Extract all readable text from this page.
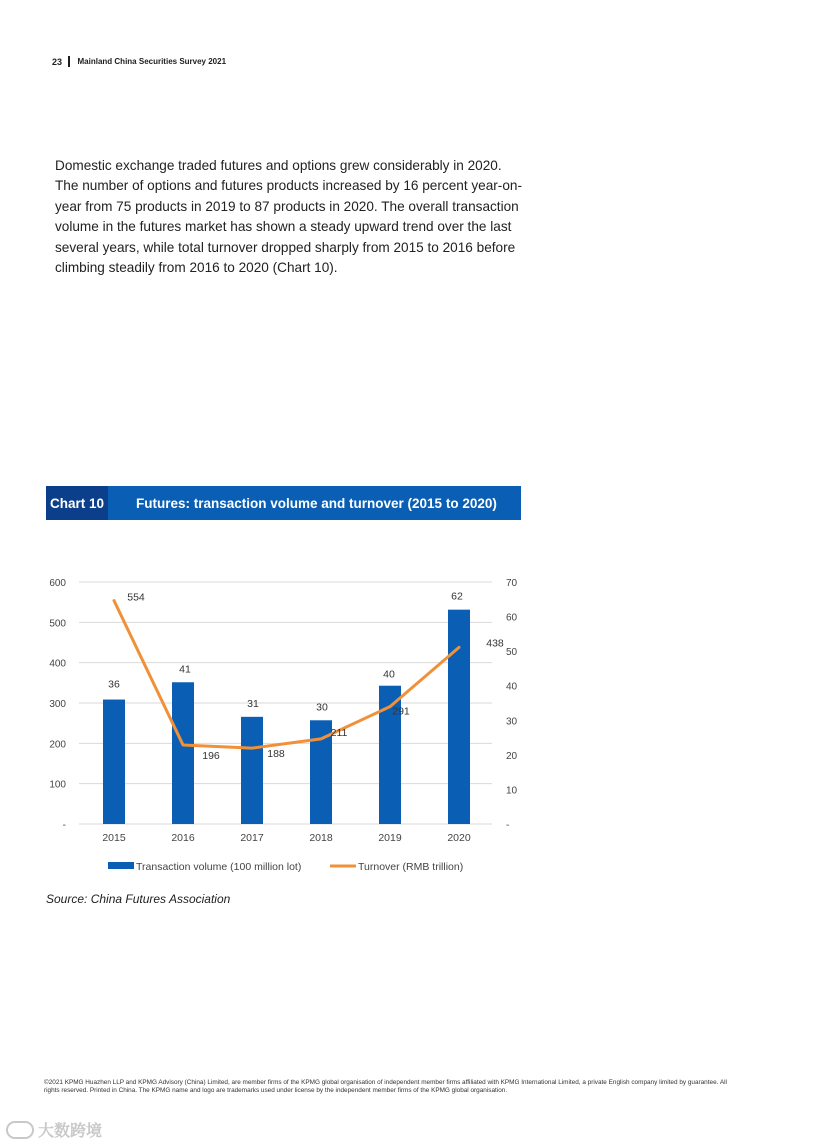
23 Mainland China Securities Survey 2021

Domestic exchange traded futures and options grew considerably in 2020. The number of options and futures products increased by 16 percent year-on-year from 75 products in 2019 to 87 products in 2020. The overall transaction volume in the futures market has shown a steady upward trend over the last several years, while total turnover dropped sharply from 2015 to 2016 before climbing steadily from 2016 to 2020 (Chart 10).

Chart 10 Futures: transaction volume and turnover (2015 to 2020)
-
100
200
300
400
500
600
-
10
20
30
40
50
60
70
2015	2016	2017	2018	2019	2020
36
41
31	30
40
62
554
196	188
211
291
438
Transaction volume (100 million lot)	Turnover (RMB trillion)
Source: China Futures Association
©2021 KPMG Huazhen LLP and KPMG Advisory (China) Limited, are member firms of the KPMG global organisation of independent member firms affiliated with KPMG International Limited, a private English company limited by guarantee. All rights reserved. Printed in China. The KPMG name and logo are trademarks used under license by the independent member firms of the KPMG global organisation.
大数跨境
